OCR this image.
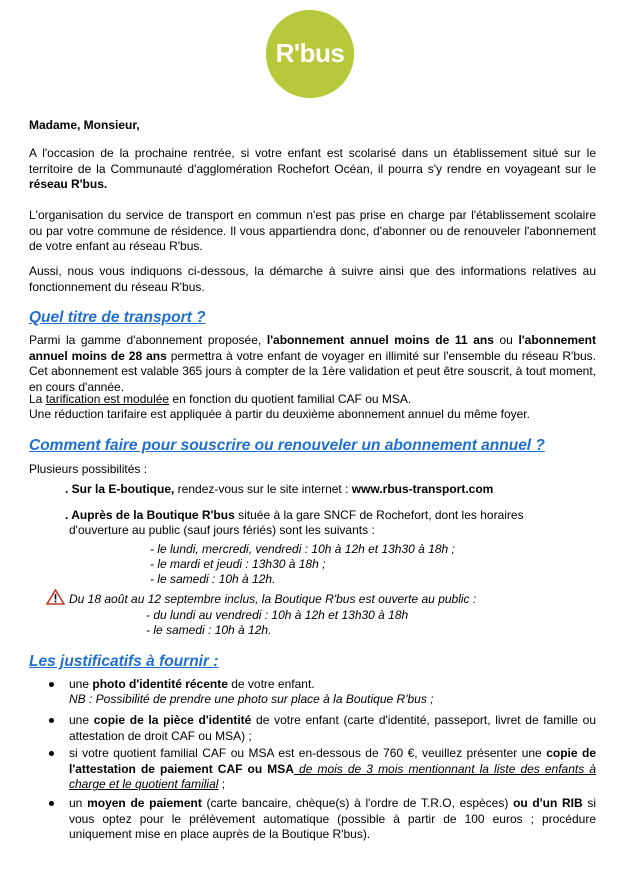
R'bus
Madame, Monsieur,
A l'occasion de la prochaine rentrée, si votre enfant est scolarisé dans un établissement situé sur le territoire de la Communauté d'agglomération Rochefort Océan, il pourra s'y rendre en voyageant sur le réseau R'bus.
L'organisation du service de transport en commun n'est pas prise en charge par l'établissement scolaire ou par votre commune de résidence. Il vous appartiendra donc, d'abonner ou de renouveler l'abonnement de votre enfant au réseau R'bus.
Aussi, nous vous indiquons ci-dessous, la démarche à suivre ainsi que des informations relatives au fonctionnement du réseau R'bus.
Quel titre de transport ?
Parmi la gamme d'abonnement proposée, l'abonnement annuel moins de 11 ans ou l'abonnement annuel moins de 28 ans permettra à votre enfant de voyager en illimité sur l'ensemble du réseau R'bus. Cet abonnement est valable 365 jours à compter de la 1ère validation et peut être souscrit, à tout moment, en cours d'année.
La tarification est modulée en fonction du quotient familial CAF ou MSA.
Une réduction tarifaire est appliquée à partir du deuxième abonnement annuel du même foyer.
Comment faire pour souscrire ou renouveler un abonnement annuel ?
Plusieurs possibilités :
. Sur la E-boutique, rendez-vous sur le site internet : www.rbus-transport.com
. Auprès de la Boutique R'bus située à la gare SNCF de Rochefort, dont les horaires
d'ouverture au public (sauf jours fériés) sont les suivants :
- le lundi, mercredi, vendredi : 10h à 12h et 13h30 à 18h ;
- le mardi et jeudi : 13h30 à 18h ;
- le samedi : 10h à 12h.
Du 18 août au 12 septembre inclus, la Boutique R'bus est ouverte au public :
- du lundi au vendredi : 10h à 12h et 13h30 à 18h
- le samedi : 10h à 12h.
Les justificatifs à fournir :
une photo d'identité récente de votre enfant.
NB : Possibilité de prendre une photo sur place à la Boutique R'bus ;
une copie de la pièce d'identité de votre enfant (carte d'identité, passeport, livret de famille ou attestation de droit CAF ou MSA) ;
si votre quotient familial CAF ou MSA est en-dessous de 760 €, veuillez présenter une copie de l'attestation de paiement CAF ou MSA de mois de 3 mois mentionnant la liste des enfants à charge et le quotient familial ;
un moyen de paiement (carte bancaire, chèque(s) à l'ordre de T.R.O, espèces) ou d'un RIB si vous optez pour le prélèvement automatique (possible à partir de 100 euros ; procédure uniquement mise en place auprès de la Boutique R'bus).
